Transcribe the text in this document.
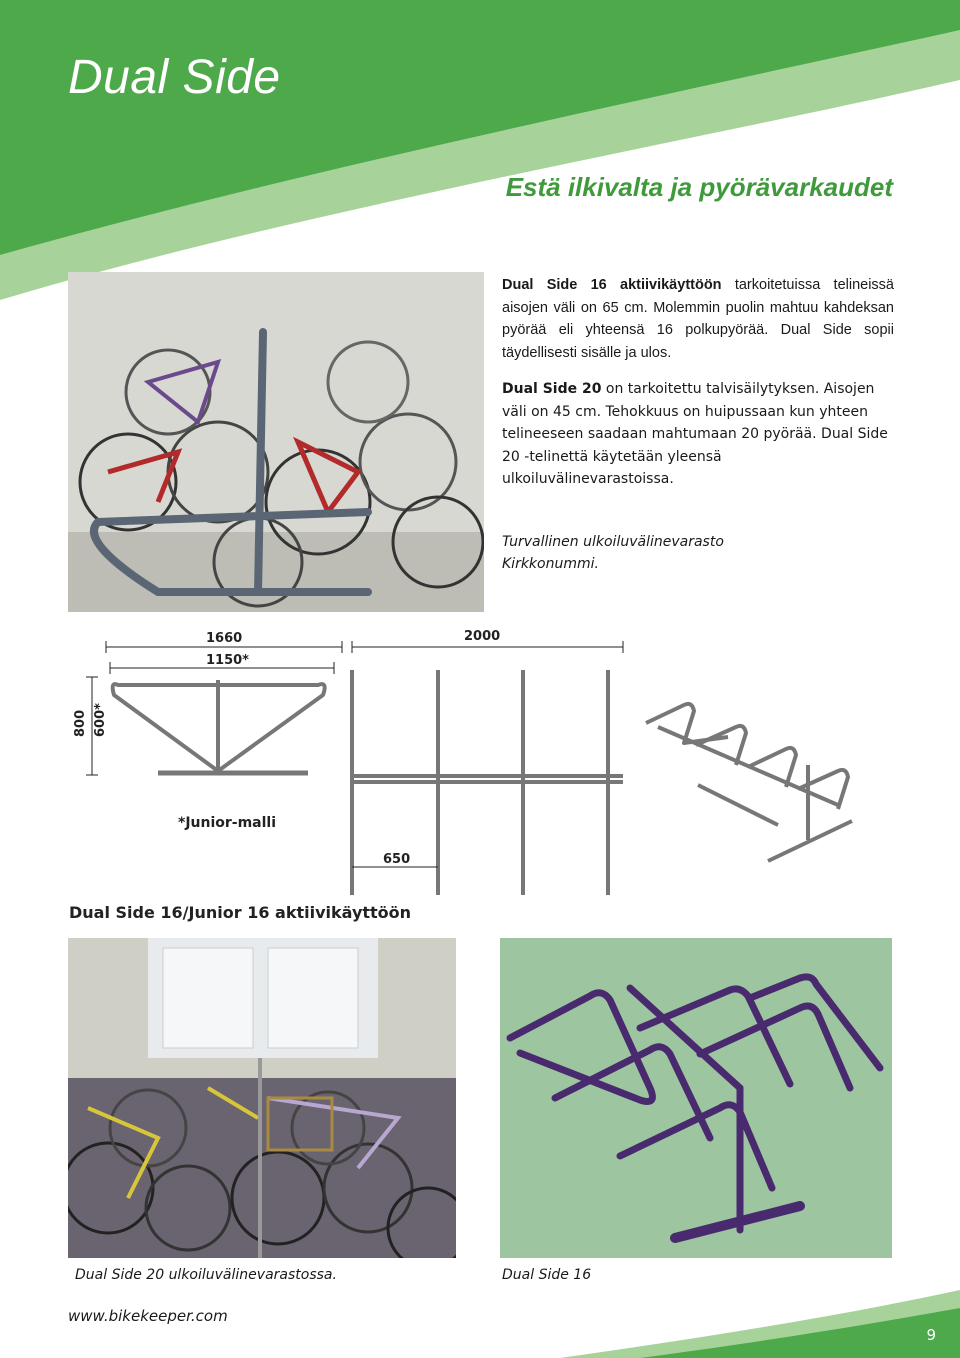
Dual Side
Estä ilkivalta ja pyörävarkaudet

Dual Side 16 aktiivikäyttöön tarkoitetuissa telineissä aisojen väli on 65 cm. Molemmin puolin mahtuu kahdeksan pyörää eli yhteensä 16 polkupyörää. Dual Side sopii täydellisesti sisälle ja ulos.

Dual Side 20 on tarkoitettu talvisäilytyksen. Aisojen väli on 45 cm. Tehokkuus on huipussaan kun yhteen telineeseen saadaan mahtumaan 20 pyörää. Dual Side 20 -telinettä käytetään yleensä ulkoiluvälinevarastoissa.

Turvallinen ulkoiluvälinevarasto
Kirkkonummi.
1660
1150*
2000
800 600*
650
*Junior-malli
Dual Side 16/Junior 16 aktiivikäyttöön
Dual Side 20 ulkoiluvälinevarastossa.	Dual Side 16
www.bikekeeper.com
9
